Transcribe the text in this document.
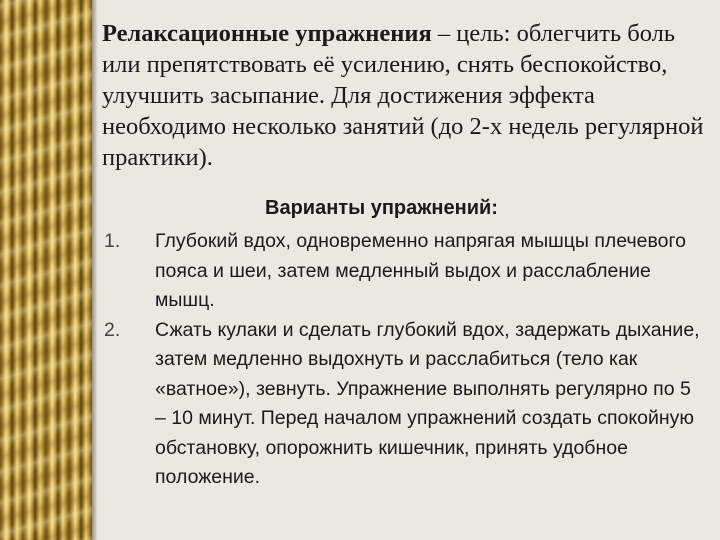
Релаксационные упражнения – цель: облегчить боль или препятствовать её усилению, снять беспокойство, улучшить засыпание. Для достижения эффекта необходимо несколько занятий (до 2-х недель регулярной практики).

Варианты упражнений:

1. Глубокий вдох, одновременно напрягая мышцы плечевого пояса и шеи, затем медленный выдох и расслабление мышц.
2. Сжать кулаки и сделать глубокий вдох, задержать дыхание, затем медленно выдохнуть и расслабиться (тело как «ватное»), зевнуть. Упражнение выполнять регулярно по 5 – 10 минут. Перед началом упражнений создать спокойную обстановку, опорожнить кишечник, принять удобное положение.
